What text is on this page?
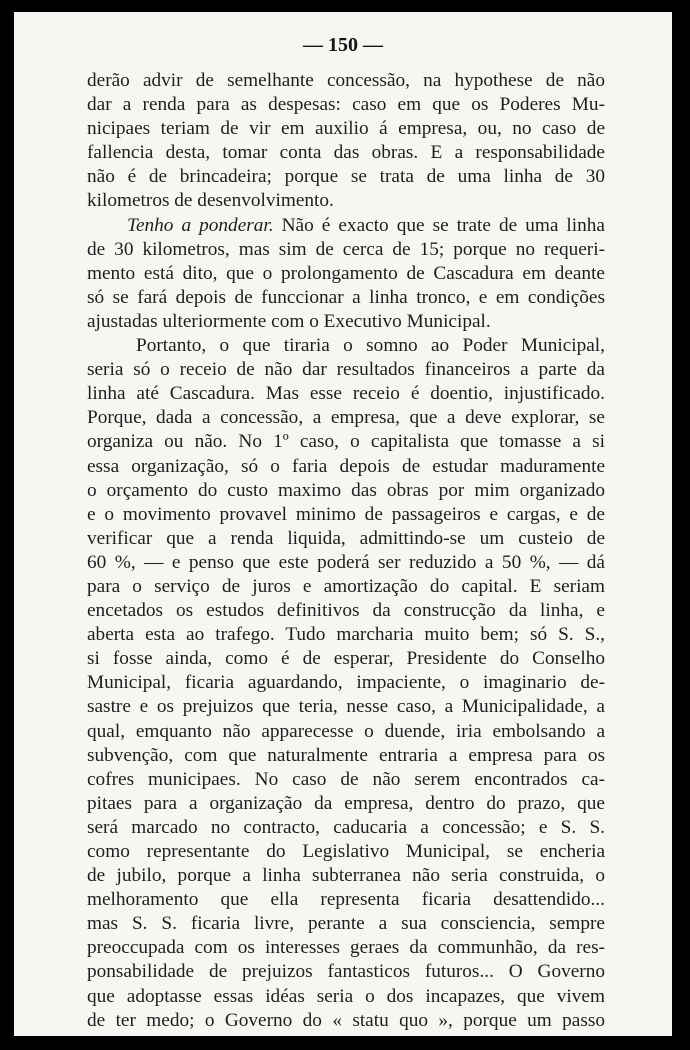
— 150 —
derão advir de semelhante concessão, na hypothese de não
dar a renda para as despesas: caso em que os Poderes Mu-
nicipaes teriam de vir em auxilio á empresa, ou, no caso de
fallencia desta, tomar conta das obras. E a responsabilidade
não é de brincadeira; porque se trata de uma linha de 30
kilometros de desenvolvimento.
Tenho a ponderar. Não é exacto que se trate de uma linha
de 30 kilometros, mas sim de cerca de 15; porque no requeri-
mento está dito, que o prolongamento de Cascadura em deante
só se fará depois de funccionar a linha tronco, e em condições
ajustadas ulteriormente com o Executivo Municipal.
Portanto, o que tiraria o somno ao Poder Municipal,
seria só o receio de não dar resultados financeiros a parte da
linha até Cascadura. Mas esse receio é doentio, injustificado.
Porque, dada a concessão, a empresa, que a deve explorar, se
organiza ou não. No 1º caso, o capitalista que tomasse a si
essa organização, só o faria depois de estudar maduramente
o orçamento do custo maximo das obras por mim organizado
e o movimento provavel minimo de passageiros e cargas, e de
verificar que a renda liquida, admittindo-se um custeio de
60 %, — e penso que este poderá ser reduzido a 50 %, — dá
para o serviço de juros e amortização do capital. E seriam
encetados os estudos definitivos da construcção da linha, e
aberta esta ao trafego. Tudo marcharia muito bem; só S. S.,
si fosse ainda, como é de esperar, Presidente do Conselho
Municipal, ficaria aguardando, impaciente, o imaginario de-
sastre e os prejuizos que teria, nesse caso, a Municipalidade, a
qual, emquanto não apparecesse o duende, iria embolsando a
subvenção, com que naturalmente entraria a empresa para os
cofres municipaes. No caso de não serem encontrados ca-
pitaes para a organização da empresa, dentro do prazo, que
será marcado no contracto, caducaria a concessão; e S. S.
como representante do Legislativo Municipal, se encheria
de jubilo, porque a linha subterranea não seria construida, o
melhoramento que ella representa ficaria desattendido...
mas S. S. ficaria livre, perante a sua consciencia, sempre
preoccupada com os interesses geraes da communhão, da res-
ponsabilidade de prejuizos fantasticos futuros... O Governo
que adoptasse essas idéas seria o dos incapazes, que vivem
de ter medo; o Governo do « statu quo », porque um passo
